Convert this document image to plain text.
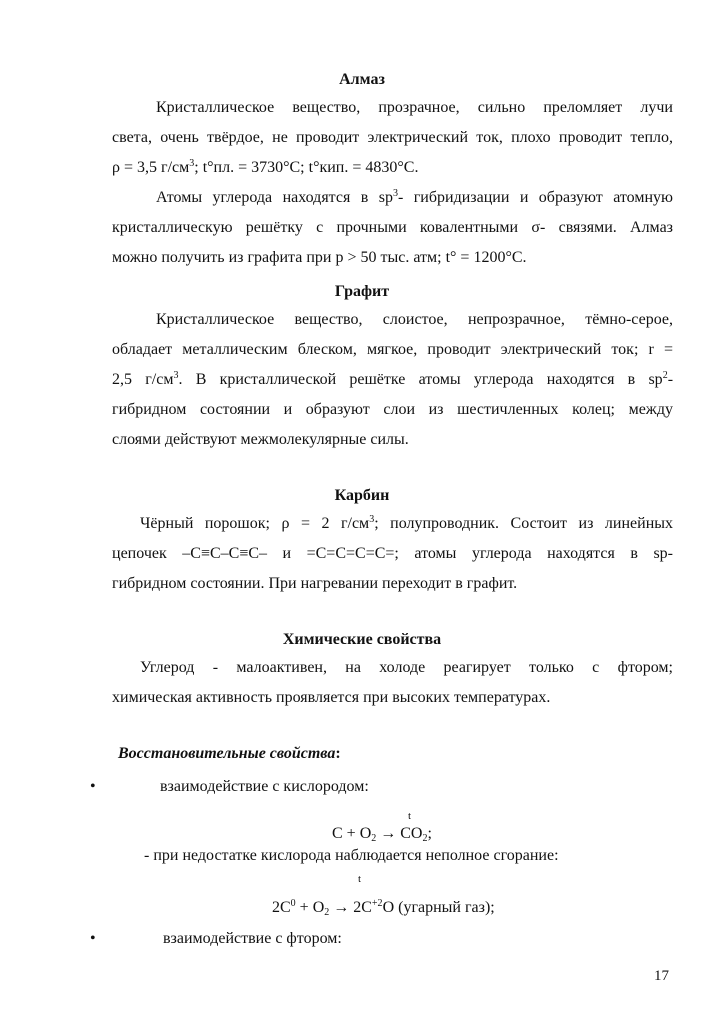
Алмаз
Кристаллическое вещество, прозрачное, сильно преломляет лучи
света, очень твёрдое, не проводит электрический ток, плохо проводит тепло,
ρ = 3,5 $г/см^3$; t°пл. = 3730°С; t°кип. = 4830°С.
Атомы углерода находятся в $sp^3-$ гибридизации и образуют атомную
кристаллическую решётку с прочными ковалентными σ- связями. Алмаз
можно получить из графита при р > 50 тыс. атм; t° = 1200°С.
Графит
Кристаллическое вещество, слоистое, непрозрачное, тёмно-серое,
обладает металлическим блеском, мягкое, проводит электрический ток; r =
2,5 $г/см^3$. В кристаллической решётке атомы углерода находятся в $sp^2-$
гибридном состоянии и образуют слои из шестичленных колец; между
слоями действуют межмолекулярные силы.
Карбин
Чёрный порошок; ρ = 2 $г/см^3$; полупроводник. Состоит из линейных
цепочек –С≡С–С≡С– и =С=С=С=С=; атомы углерода находятся в sp-
гибридном состоянии. При нагревании переходит в графит.
Химические свойства
Углерод - малоактивен, на холоде реагирует только с фтором;
химическая активность проявляется при высоких температурах.
Восстановительные свойства:
•	взаимодействие с кислородом:
t
$С + О_2 \to СО_2$;
- при недостатке кислорода наблюдается неполное сгорание:
t
$2С^0 + О_2 \to 2С^{+2}О$ (угарный газ);
•	взаимодействие с фтором:
17
